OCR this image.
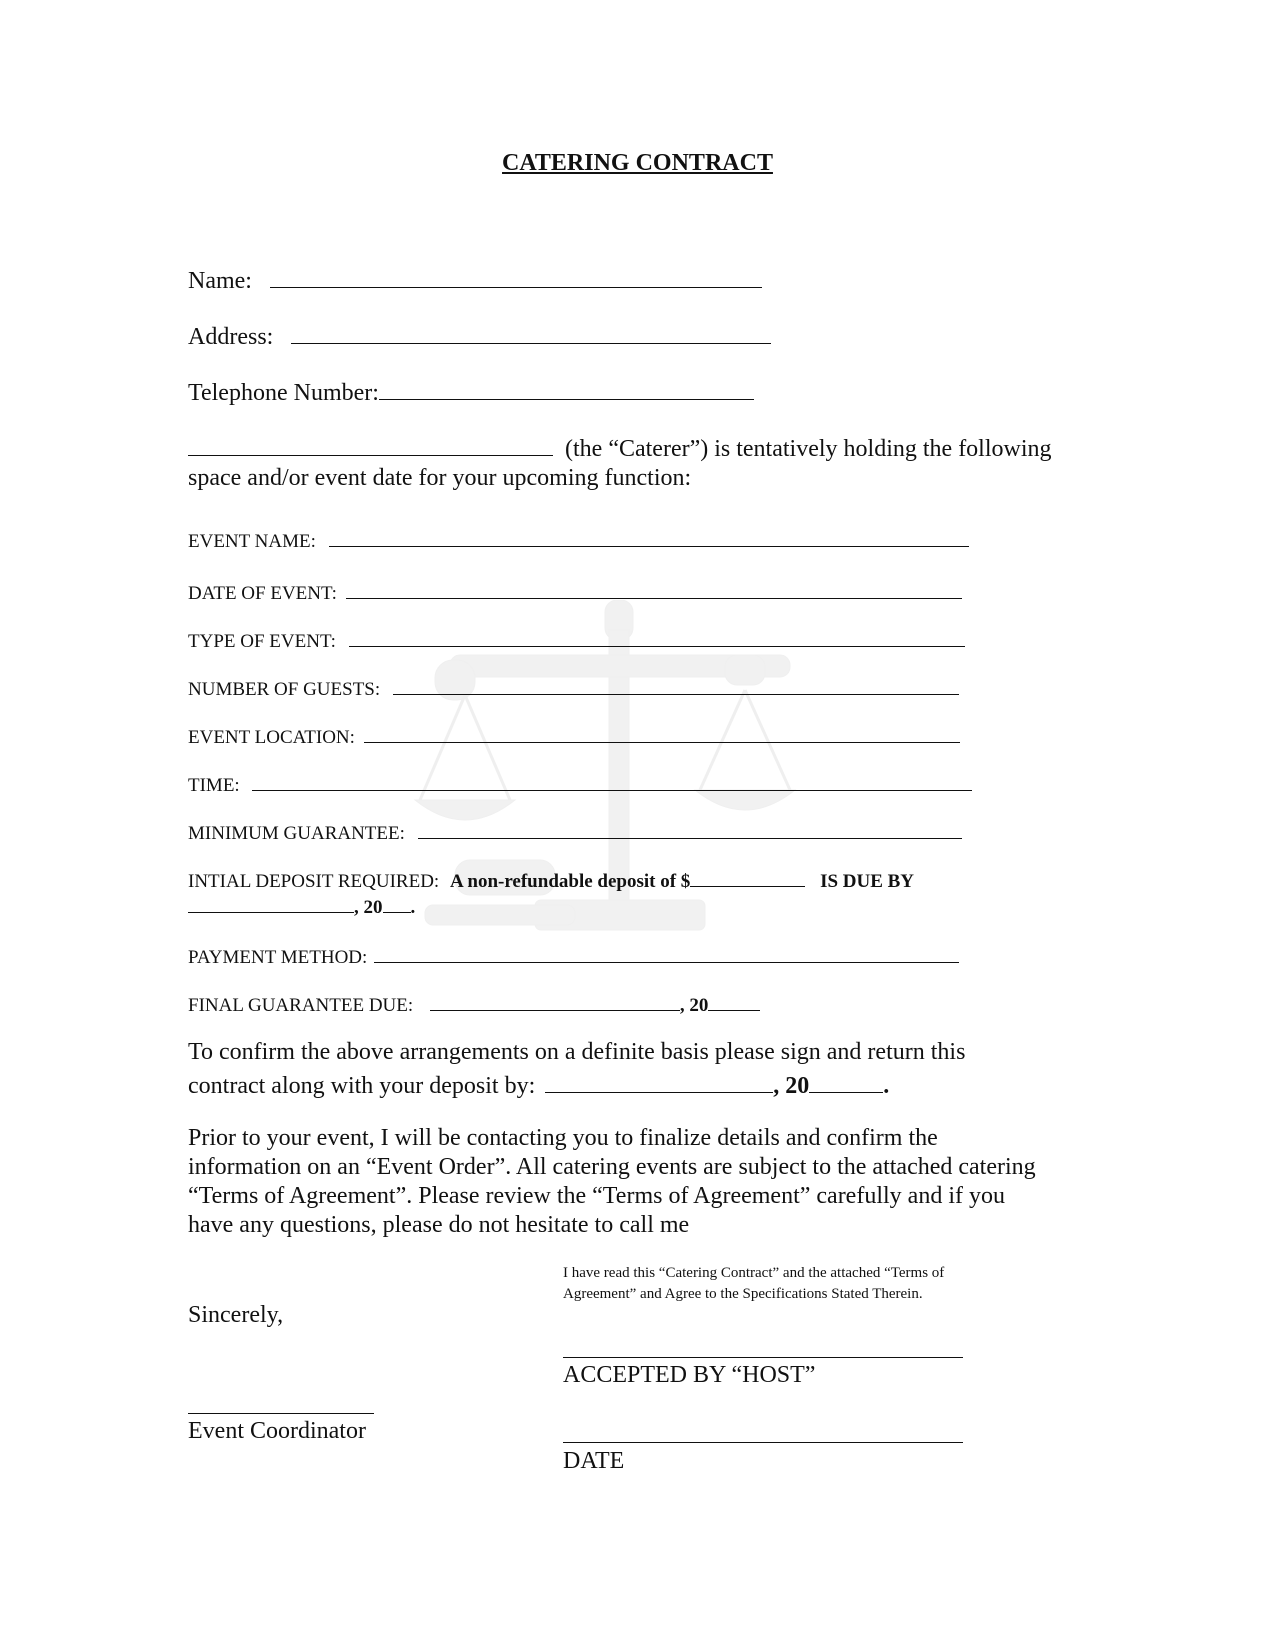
CATERING CONTRACT
Name:
Address:
Telephone Number:
(the “Caterer”) is tentatively holding the following
space and/or event date for your upcoming function:
EVENT NAME:
DATE OF EVENT:
TYPE OF EVENT:
NUMBER OF GUESTS:
EVENT LOCATION:
TIME:
MINIMUM GUARANTEE:
INTIAL DEPOSIT REQUIRED: A non-refundable deposit of $	IS DUE BY
, 20 .
PAYMENT METHOD:
FINAL GUARANTEE DUE:	, 20
To confirm the above arrangements on a definite basis please sign and return this
contract along with your deposit by:	, 20	.
Prior to your event, I will be contacting you to finalize details and confirm the
information on an “Event Order”. All catering events are subject to the attached catering
“Terms of Agreement”. Please review the “Terms of Agreement” carefully and if you
have any questions, please do not hesitate to call me
I have read this “Catering Contract” and the attached “Terms of
Agreement” and Agree to the Specifications Stated Therein.
Sincerely,
ACCEPTED BY “HOST”
Event Coordinator
DATE
